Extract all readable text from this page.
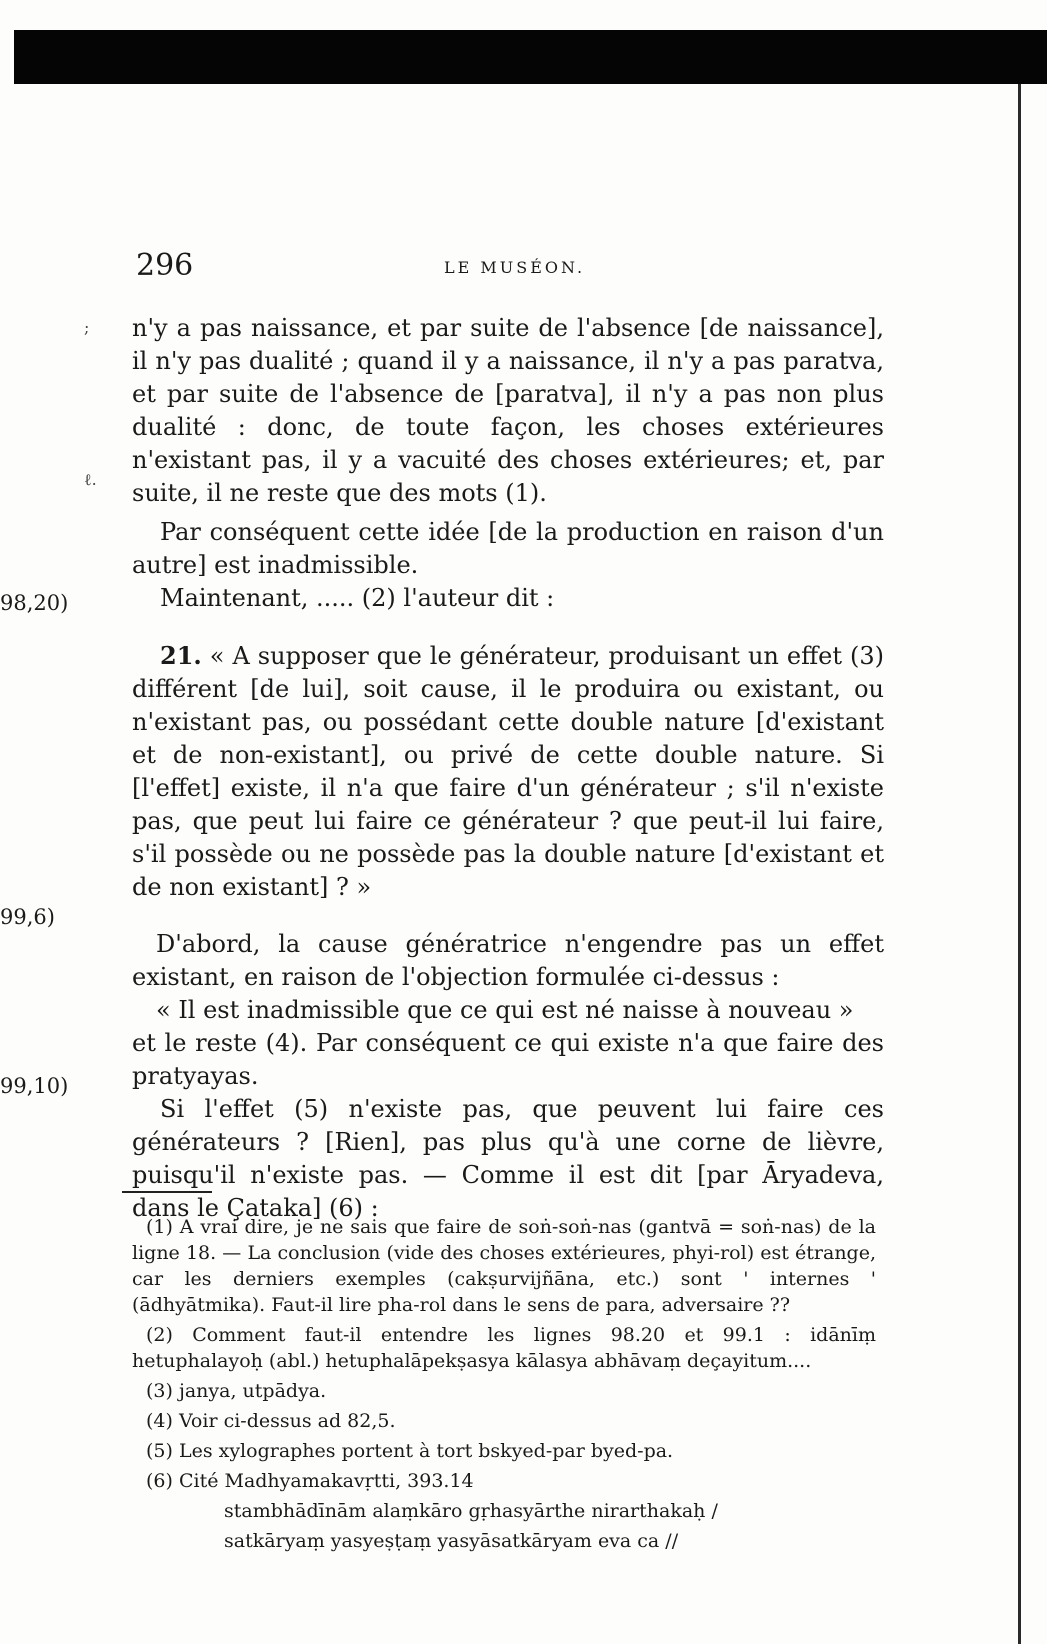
296	LE MUSÉON.
;
ℓ.
98,20)
99,6)
99,10)

n'y a pas naissance, et par suite de l'absence [de naissance], il n'y pas dualité ; quand il y a naissance, il n'y a pas paratva, et par suite de l'absence de [paratva], il n'y a pas non plus dualité : donc, de toute façon, les choses extérieures n'existant pas, il y a vacuité des choses extérieures; et, par suite, il ne reste que des mots (1).

Par conséquent cette idée [de la production en raison d'un autre] est inadmissible.

Maintenant, ..... (2) l'auteur dit :

21. « A supposer que le générateur, produisant un effet (3) différent [de lui], soit cause, il le produira ou existant, ou n'existant pas, ou possédant cette double nature [d'existant et de non-existant], ou privé de cette double nature. Si [l'effet] existe, il n'a que faire d'un générateur ; s'il n'existe pas, que peut lui faire ce générateur ? que peut-il lui faire, s'il possède ou ne possède pas la double nature [d'existant et de non existant] ? »

D'abord, la cause génératrice n'engendre pas un effet existant, en raison de l'objection formulée ci-dessus :

« Il est inadmissible que ce qui est né naisse à nouveau »

et le reste (4). Par conséquent ce qui existe n'a que faire des pratyayas.

Si l'effet (5) n'existe pas, que peuvent lui faire ces générateurs ? [Rien], pas plus qu'à une corne de lièvre, puisqu'il n'existe pas. — Comme il est dit [par Āryadeva, dans le Çataka] (6) :

(1) A vrai dire, je ne sais que faire de soṅ-soṅ-nas (gantvā = soṅ-nas) de la ligne 18. — La conclusion (vide des choses extérieures, phyi-rol) est étrange, car les derniers exemples (cakṣurvijñāna, etc.) sont ' internes ' (ādhyātmika). Faut-il lire pha-rol dans le sens de para, adversaire ??

(2) Comment faut-il entendre les lignes 98.20 et 99.1 : idānīṃ hetuphalayoḥ (abl.) hetuphalāpekṣasya kālasya abhāvaṃ deçayitum....

(3) janya, utpādya.

(4) Voir ci-dessus ad 82,5.

(5) Les xylographes portent à tort bskyed-par byed-pa.

(6) Cité Madhyamakavṛtti, 393.14

stambhādīnām alaṃkāro gṛhasyārthe nirarthakaḥ /

satkāryaṃ yasyeṣṭaṃ yasyāsatkāryam eva ca //
